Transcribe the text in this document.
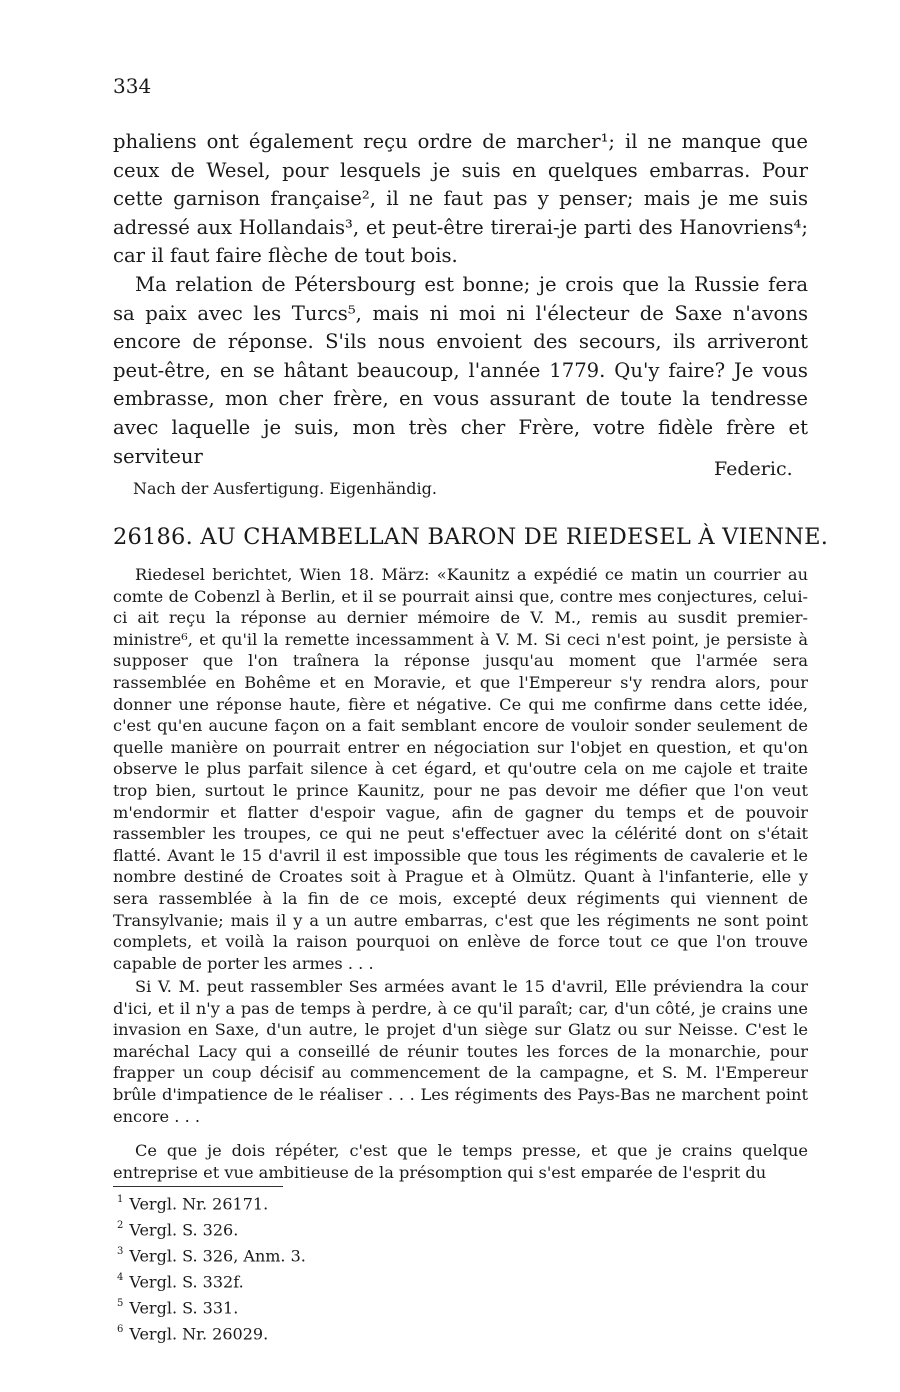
334

phaliens ont également reçu ordre de marcher¹; il ne manque que ceux de Wesel, pour lesquels je suis en quelques embarras. Pour cette garnison française², il ne faut pas y penser; mais je me suis adressé aux Hollandais³, et peut-être tirerai-je parti des Hanovriens⁴; car il faut faire flèche de tout bois.

Ma relation de Pétersbourg est bonne; je crois que la Russie fera sa paix avec les Turcs⁵, mais ni moi ni l'électeur de Saxe n'avons encore de réponse. S'ils nous envoient des secours, ils arriveront peut-être, en se hâtant beaucoup, l'année 1779. Qu'y faire? Je vous embrasse, mon cher frère, en vous assurant de toute la tendresse avec laquelle je suis, mon très cher Frère, votre fidèle frère et serviteur

Federic.
Nach der Ausfertigung. Eigenhändig.
26186. AU CHAMBELLAN BARON DE RIEDESEL À VIENNE.

Riedesel berichtet, Wien 18. März: «Kaunitz a expédié ce matin un courrier au comte de Cobenzl à Berlin, et il se pourrait ainsi que, contre mes conjectures, celui-ci ait reçu la réponse au dernier mémoire de V. M., remis au susdit premier-ministre⁶, et qu'il la remette incessamment à V. M. Si ceci n'est point, je persiste à supposer que l'on traînera la réponse jusqu'au moment que l'armée sera rassemblée en Bohême et en Moravie, et que l'Empereur s'y rendra alors, pour donner une réponse haute, fière et négative. Ce qui me confirme dans cette idée, c'est qu'en aucune façon on a fait semblant encore de vouloir sonder seulement de quelle manière on pourrait entrer en négociation sur l'objet en question, et qu'on observe le plus parfait silence à cet égard, et qu'outre cela on me cajole et traite trop bien, surtout le prince Kaunitz, pour ne pas devoir me défier que l'on veut m'endormir et flatter d'espoir vague, afin de gagner du temps et de pouvoir rassembler les troupes, ce qui ne peut s'effectuer avec la célérité dont on s'était flatté. Avant le 15 d'avril il est impossible que tous les régiments de cavalerie et le nombre destiné de Croates soit à Prague et à Olmütz. Quant à l'infanterie, elle y sera rassemblée à la fin de ce mois, excepté deux régiments qui viennent de Transylvanie; mais il y a un autre embarras, c'est que les régiments ne sont point complets, et voilà la raison pourquoi on enlève de force tout ce que l'on trouve capable de porter les armes . . .

Si V. M. peut rassembler Ses armées avant le 15 d'avril, Elle préviendra la cour d'ici, et il n'y a pas de temps à perdre, à ce qu'il paraît; car, d'un côté, je crains une invasion en Saxe, d'un autre, le projet d'un siège sur Glatz ou sur Neisse. C'est le maréchal Lacy qui a conseillé de réunir toutes les forces de la monarchie, pour frapper un coup décisif au commencement de la campagne, et S. M. l'Empereur brûle d'impatience de le réaliser . . . Les régiments des Pays-Bas ne marchent point encore . . .

Ce que je dois répéter, c'est que le temps presse, et que je crains quelque entreprise et vue ambitieuse de la présomption qui s'est emparée de l'esprit du

$^1$ Vergl. Nr. 26171.
$^2$ Vergl. S. 326.
$^3$ Vergl. S. 326, Anm. 3.
$^4$ Vergl. S. 332f.
$^5$ Vergl. S. 331.
$^6$ Vergl. Nr. 26029.
